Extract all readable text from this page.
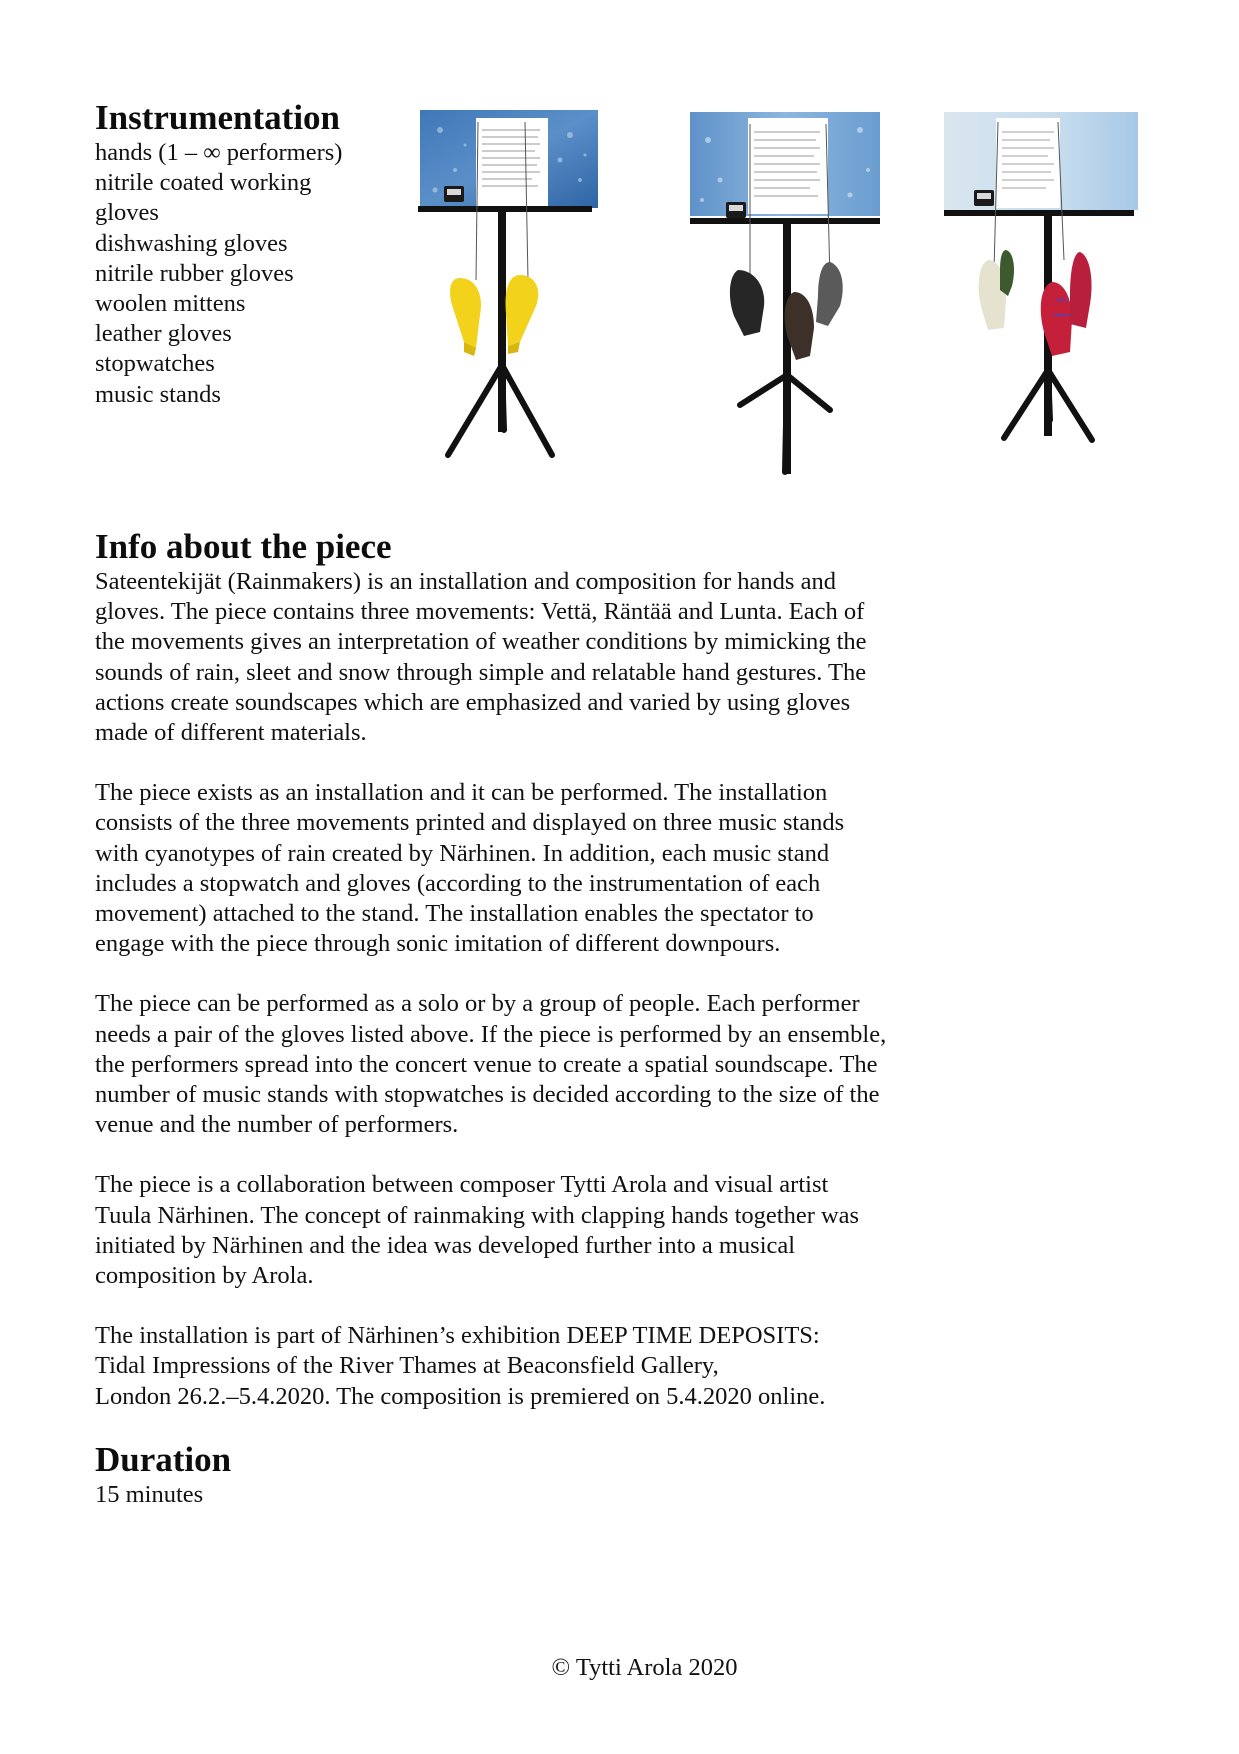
Instrumentation
hands (1 – ∞ performers)
nitrile coated working
gloves
dishwashing gloves
nitrile rubber gloves
woolen mittens
leather gloves
stopwatches
music stands
Info about the piece

Sateentekijät (Rainmakers) is an installation and composition for hands and
gloves. The piece contains three movements: Vettä, Räntää and Lunta. Each of
the movements gives an interpretation of weather conditions by mimicking the
sounds of rain, sleet and snow through simple and relatable hand gestures. The
actions create soundscapes which are emphasized and varied by using gloves
made of different materials.

The piece exists as an installation and it can be performed. The installation
consists of the three movements printed and displayed on three music stands
with cyanotypes of rain created by Närhinen. In addition, each music stand
includes a stopwatch and gloves (according to the instrumentation of each
movement) attached to the stand. The installation enables the spectator to
engage with the piece through sonic imitation of different downpours.

The piece can be performed as a solo or by a group of people. Each performer
needs a pair of the gloves listed above. If the piece is performed by an ensemble,
the performers spread into the concert venue to create a spatial soundscape. The
number of music stands with stopwatches is decided according to the size of the
venue and the number of performers.

The piece is a collaboration between composer Tytti Arola and visual artist
Tuula Närhinen. The concept of rainmaking with clapping hands together was
initiated by Närhinen and the idea was developed further into a musical
composition by Arola.

The installation is part of Närhinen’s exhibition DEEP TIME DEPOSITS:
Tidal Impressions of the River Thames at Beaconsfield Gallery,
London 26.2.–5.4.2020. The composition is premiered on 5.4.2020 online.

Duration
15 minutes
© Tytti Arola 2020
